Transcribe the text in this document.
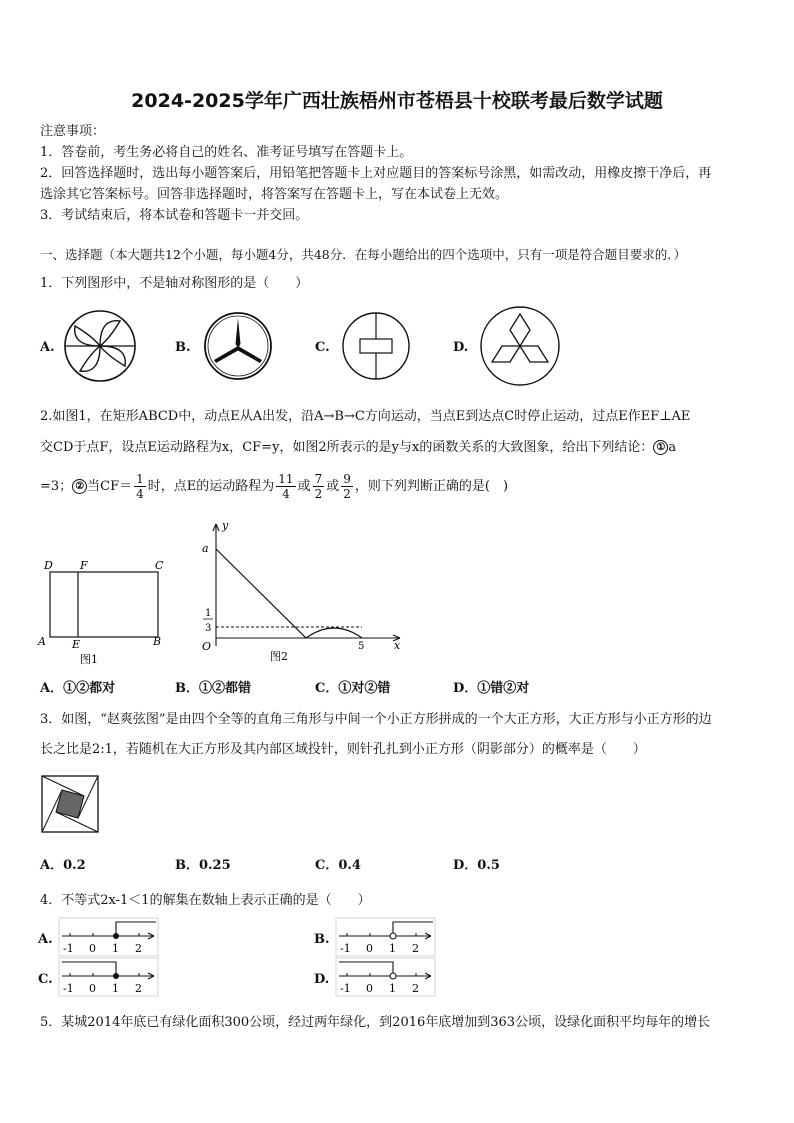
2024-2025学年广西壮族梧州市苍梧县十校联考最后数学试题
注意事项：
1．答卷前，考生务必将自己的姓名、准考证号填写在答题卡上。
2．回答选择题时，选出每小题答案后，用铅笔把答题卡上对应题目的答案标号涂黑，如需改动，用橡皮擦干净后，再
选涂其它答案标号。回答非选择题时，将答案写在答题卡上，写在本试卷上无效。
3．考试结束后，将本试卷和答题卡一并交回。
一、选择题（本大题共12个小题，每小题4分，共48分．在每小题给出的四个选项中，只有一项是符合题目要求的．）
1．下列图形中，不是轴对称图形的是（　　）
A.	B.	C.	D.
2.如图1，在矩形ABCD中，动点E从A出发，沿A→B→C方向运动，当点E到达点C时停止运动，过点E作EF⊥AE
交CD于点F，设点E运动路程为x，CF=y，如图2所表示的是y与x的函数关系的大致图象，给出下列结论： ① a
=3； ② 当$CF= \frac{1}{4}$ 时，点E的运动路程为 $\frac{11}{4}$ 或 $\frac{7}{2}$ 或 $\frac{9}{2}$ ，则下列判断正确的是(　)
D F	C
A E	B
图1
y
a
1
3
O	5	x
图2
A．①②都对	B．①②都错	C．①对②错	D．①错②对
3．如图，“赵爽弦图”是由四个全等的直角三角形与中间一个小正方形拼成的一个大正方形，大正方形与小正方形的边
长之比是2:1，若随机在大正方形及其内部区域投针，则针孔扎到小正方形（阴影部分）的概率是（　　）
A．0.2	B．0.25	C．0.4	D．0.5
4．不等式2x-1＜1的解集在数轴上表示正确的是（　　）
A.
-1 0 1 2
B.
-1 0 1 2
C.
-1 0 1 2
D.
-1 0 1 2
5．某城2014年底已有绿化面积300公顷，经过两年绿化，到2016年底增加到363公顷，设绿化面积平均每年的增长
